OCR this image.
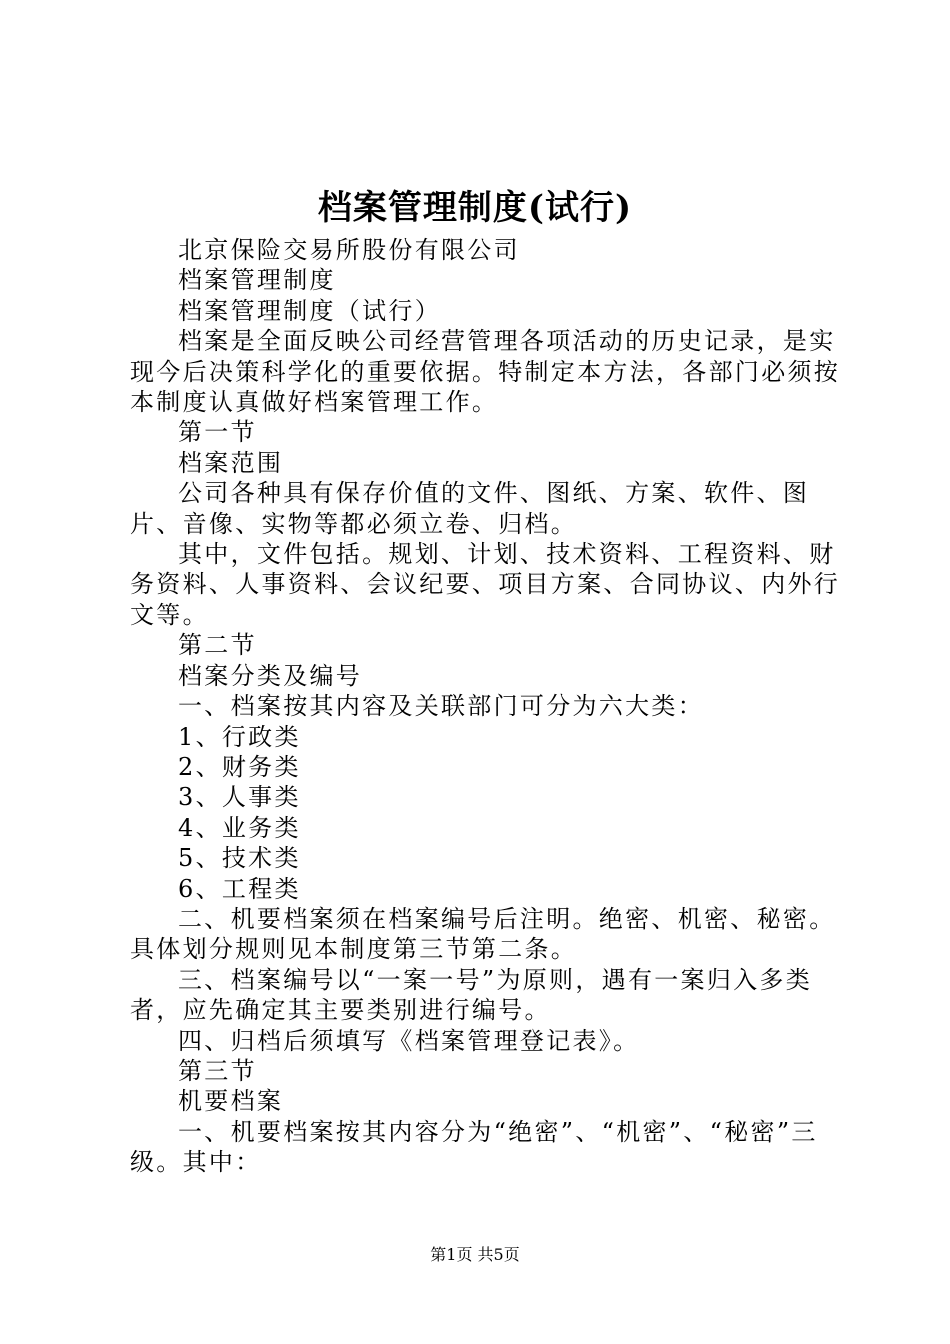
档案管理制度(试行)

北京保险交易所股份有限公司

档案管理制度

档案管理制度（试行）

档案是全面反映公司经营管理各项活动的历史记录，是实现今后决策科学化的重要依据。特制定本方法，各部门必须按本制度认真做好档案管理工作。

第一节

档案范围

公司各种具有保存价值的文件、图纸、方案、软件、图片、音像、实物等都必须立卷、归档。

其中，文件包括。规划、计划、技术资料、工程资料、财务资料、人事资料、会议纪要、项目方案、合同协议、内外行文等。

第二节

档案分类及编号

一、档案按其内容及关联部门可分为六大类：

1、行政类

2、财务类

3、人事类

4、业务类

5、技术类

6、工程类

二、机要档案须在档案编号后注明。绝密、机密、秘密。具体划分规则见本制度第三节第二条。

三、档案编号以“一案一号”为原则，遇有一案归入多类者，应先确定其主要类别进行编号。

四、归档后须填写《档案管理登记表》。

第三节

机要档案

一、机要档案按其内容分为“绝密”、“机密”、“秘密”三级。其中：

第1页 共5页
